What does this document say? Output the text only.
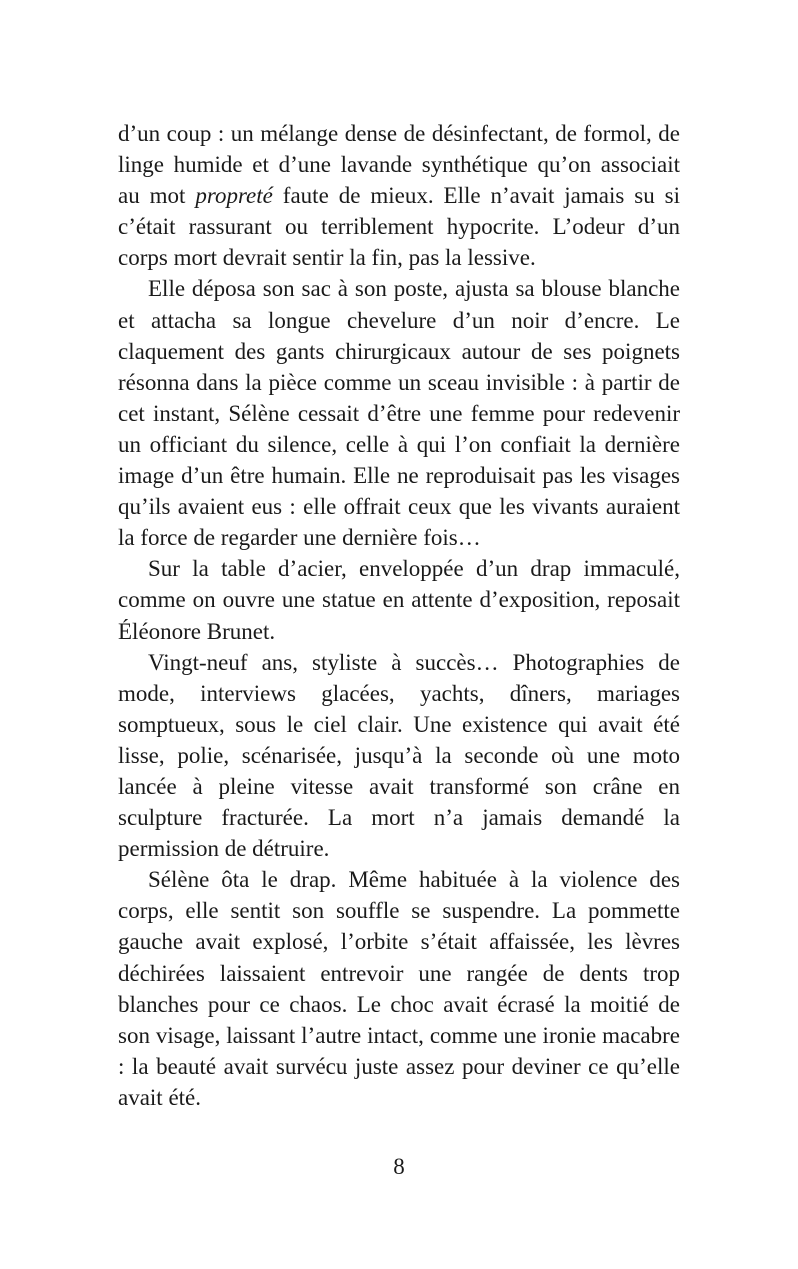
d’un coup : un mélange dense de désinfectant, de formol, de linge humide et d’une lavande synthétique qu’on associait au mot propreté faute de mieux. Elle n’avait jamais su si c’était rassurant ou terriblement hypocrite. L’odeur d’un corps mort devrait sentir la fin, pas la lessive.

Elle déposa son sac à son poste, ajusta sa blouse blanche et attacha sa longue chevelure d’un noir d’encre. Le claquement des gants chirurgicaux autour de ses poignets résonna dans la pièce comme un sceau invisible : à partir de cet instant, Sélène cessait d’être une femme pour redevenir un officiant du silence, celle à qui l’on confiait la dernière image d’un être humain. Elle ne reproduisait pas les visages qu’ils avaient eus : elle offrait ceux que les vivants auraient la force de regarder une dernière fois…

Sur la table d’acier, enveloppée d’un drap immaculé, comme on ouvre une statue en attente d’exposition, reposait Éléonore Brunet.

Vingt-neuf ans, styliste à succès… Photographies de mode, interviews glacées, yachts, dîners, mariages somptueux, sous le ciel clair. Une existence qui avait été lisse, polie, scénarisée, jusqu’à la seconde où une moto lancée à pleine vitesse avait transformé son crâne en sculpture fracturée. La mort n’a jamais demandé la permission de détruire.

Sélène ôta le drap. Même habituée à la violence des corps, elle sentit son souffle se suspendre. La pommette gauche avait explosé, l’orbite s’était affaissée, les lèvres déchirées laissaient entrevoir une rangée de dents trop blanches pour ce chaos. Le choc avait écrasé la moitié de son visage, laissant l’autre intact, comme une ironie macabre : la beauté avait survécu juste assez pour deviner ce qu’elle avait été.

8
